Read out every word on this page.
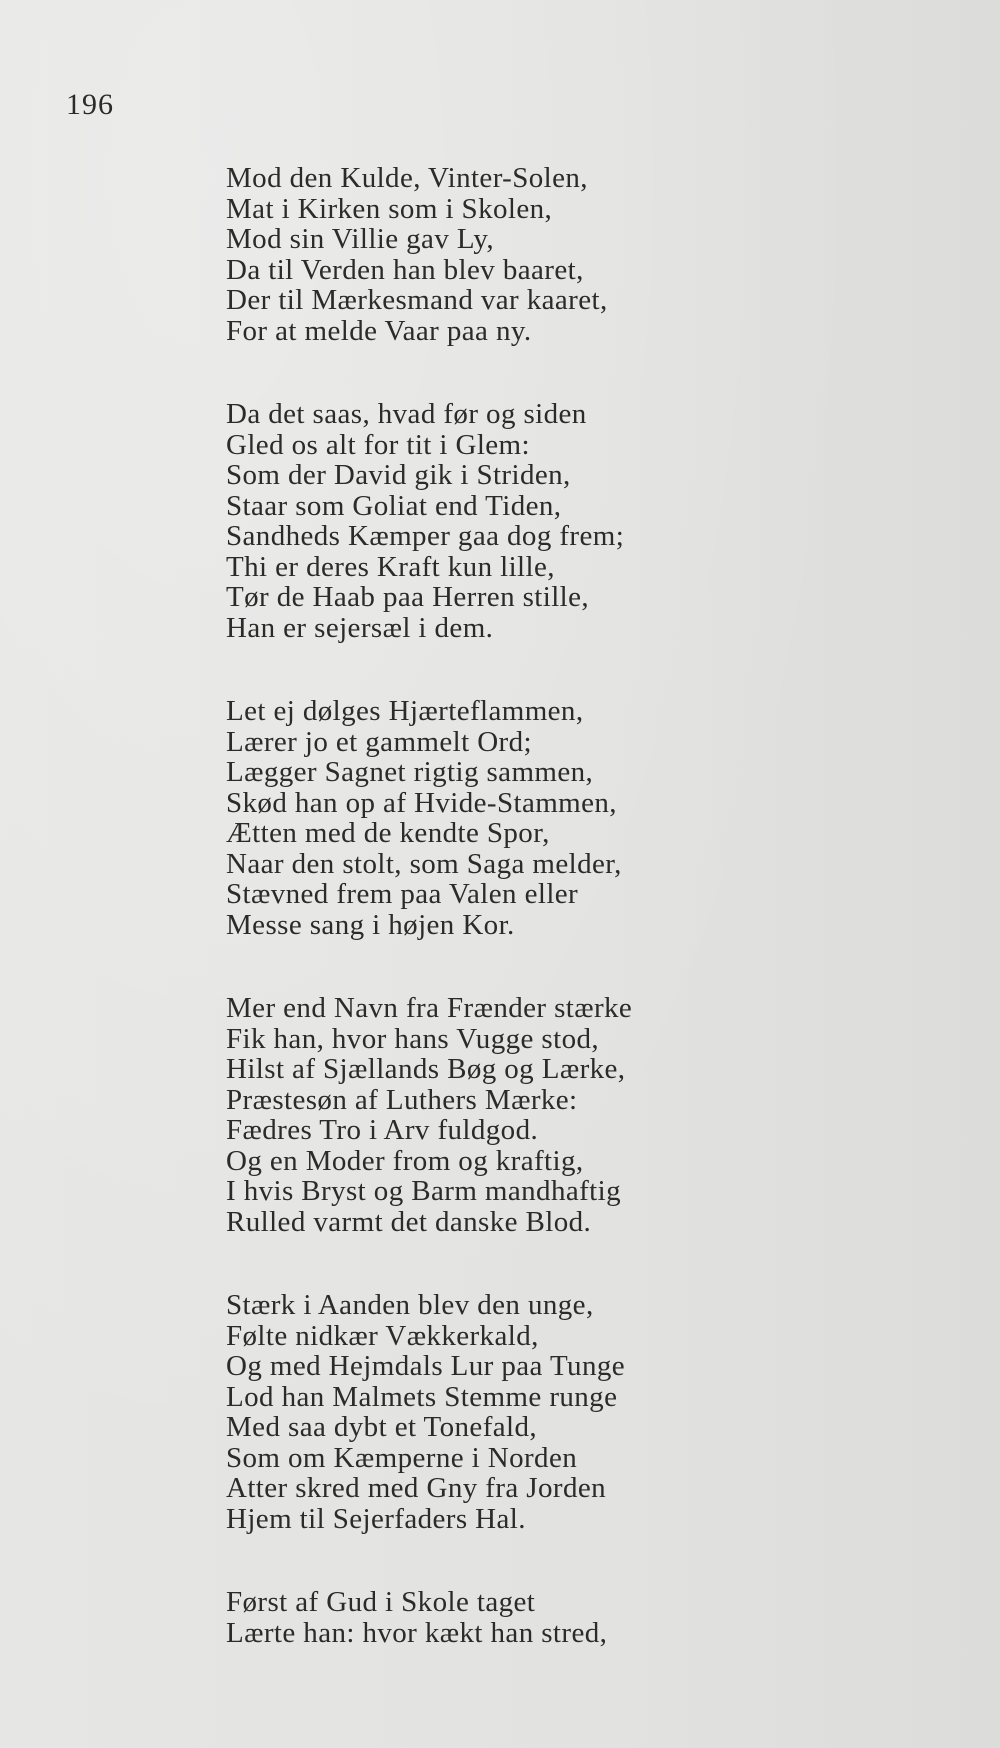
196
Mod den Kulde, Vinter-Solen,
Mat i Kirken som i Skolen,
Mod sin Villie gav Ly,
Da til Verden han blev baaret,
Der til Mærkesmand var kaaret,
For at melde Vaar paa ny.
Da det saas, hvad før og siden
Gled os alt for tit i Glem:
Som der David gik i Striden,
Staar som Goliat end Tiden,
Sandheds Kæmper gaa dog frem;
Thi er deres Kraft kun lille,
Tør de Haab paa Herren stille,
Han er sejersæl i dem.
Let ej dølges Hjærteflammen,
Lærer jo et gammelt Ord;
Lægger Sagnet rigtig sammen,
Skød han op af Hvide-Stammen,
Ætten med de kendte Spor,
Naar den stolt, som Saga melder,
Stævned frem paa Valen eller
Messe sang i højen Kor.
Mer end Navn fra Frænder stærke
Fik han, hvor hans Vugge stod,
Hilst af Sjællands Bøg og Lærke,
Præstesøn af Luthers Mærke:
Fædres Tro i Arv fuldgod.
Og en Moder from og kraftig,
I hvis Bryst og Barm mandhaftig
Rulled varmt det danske Blod.
Stærk i Aanden blev den unge,
Følte nidkær Vækkerkald,
Og med Hejmdals Lur paa Tunge
Lod han Malmets Stemme runge
Med saa dybt et Tonefald,
Som om Kæmperne i Norden
Atter skred med Gny fra Jorden
Hjem til Sejerfaders Hal.
Først af Gud i Skole taget
Lærte han: hvor kækt han stred,
